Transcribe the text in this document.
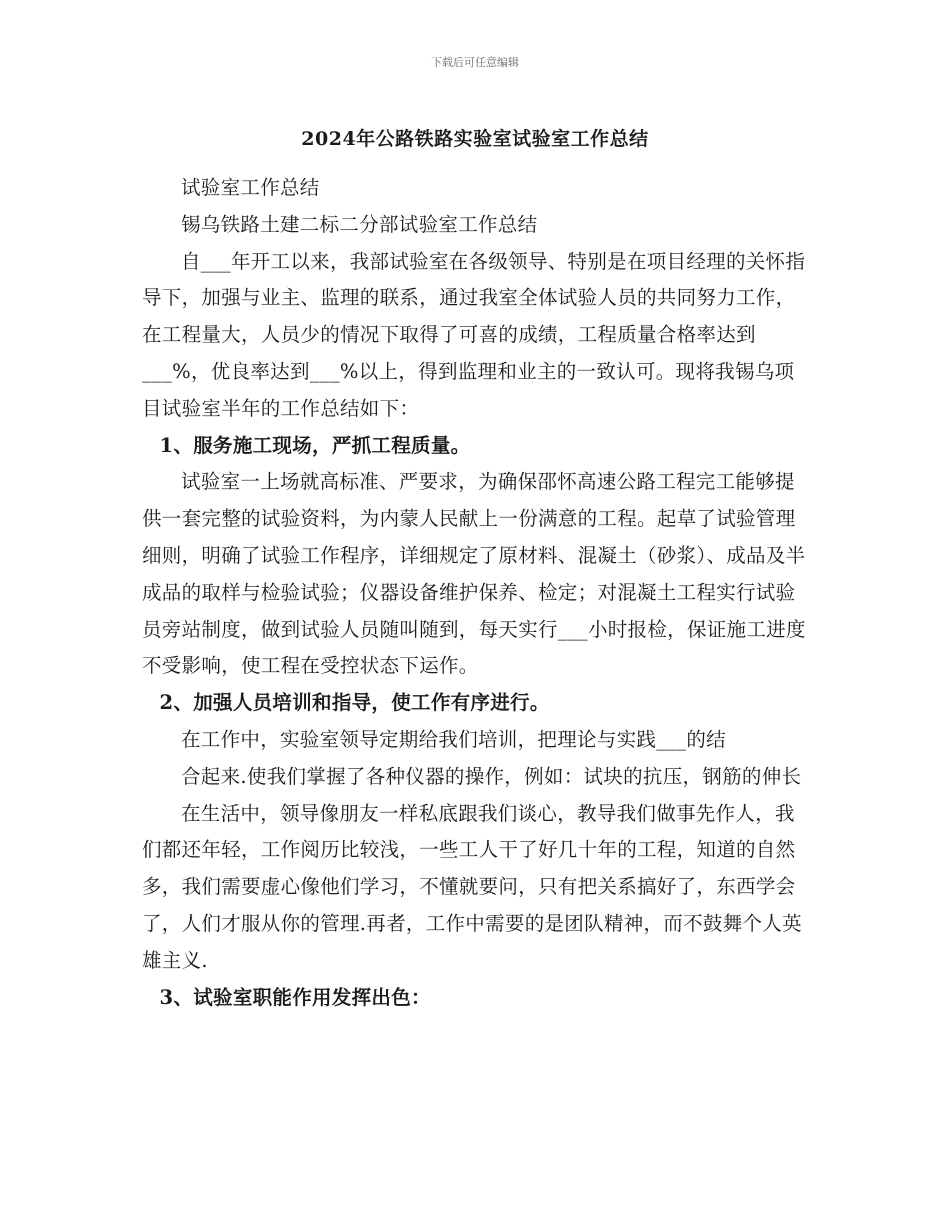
下载后可任意编辑
2024年公路铁路实验室试验室工作总结

试验室工作总结

锡乌铁路土建二标二分部试验室工作总结

自___年开工以来，我部试验室在各级领导、特别是在项目经理的关怀指导下，加强与业主、监理的联系，通过我室全体试验人员的共同努力工作，在工程量大，人员少的情况下取得了可喜的成绩，工程质量合格率达到___%，优良率达到___%以上，得到监理和业主的一致认可。现将我锡乌项目试验室半年的工作总结如下：

1、服务施工现场，严抓工程质量。

试验室一上场就高标准、严要求，为确保邵怀高速公路工程完工能够提供一套完整的试验资料，为内蒙人民献上一份满意的工程。起草了试验管理细则，明确了试验工作程序，详细规定了原材料、混凝土（砂浆）、成品及半成品的取样与检验试验；仪器设备维护保养、检定；对混凝土工程实行试验员旁站制度，做到试验人员随叫随到，每天实行___小时报检，保证施工进度不受影响，使工程在受控状态下运作。

2、加强人员培训和指导，使工作有序进行。

在工作中，实验室领导定期给我们培训，把理论与实践___的结

合起来.使我们掌握了各种仪器的操作，例如：试块的抗压，钢筋的伸长

在生活中，领导像朋友一样私底跟我们谈心，教导我们做事先作人，我们都还年轻，工作阅历比较浅，一些工人干了好几十年的工程，知道的自然多，我们需要虚心像他们学习，不懂就要问，只有把关系搞好了，东西学会了，人们才服从你的管理.再者，工作中需要的是团队精神，而不鼓舞个人英雄主义.

3、试验室职能作用发挥出色：
